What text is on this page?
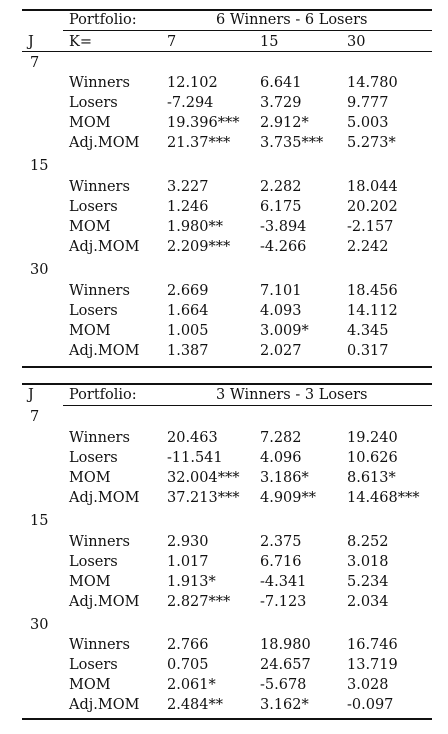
Portfolio:	6 Winners - 6 Losers
J K=	7	15	30
7
Winners	12.102	6.641	14.780
Losers	-7.294	3.729	9.777
MOM	19.396*** 2.912*	5.003
Adj.MOM 21.37*** 3.735*** 5.273*
15
Winners	3.227	2.282	18.044
Losers	1.246	6.175	20.202
MOM	1.980**	-3.894	-2.157
Adj.MOM 2.209*** -4.266	2.242
30
Winners	2.669	7.101	18.456
Losers	1.664	4.093	14.112
MOM	1.005	3.009*	4.345
Adj.MOM 1.387	2.027	0.317
J Portfolio:	3 Winners - 3 Losers
7
Winners	20.463	7.282	19.240
Losers	-11.541	4.096	10.626
MOM	32.004*** 3.186*	8.613*
Adj.MOM 37.213*** 4.909** 14.468***
15
Winners	2.930	2.375	8.252
Losers	1.017	6.716	3.018
MOM	1.913*	-4.341	5.234
Adj.MOM 2.827*** -7.123	2.034
30
Winners	2.766	18.980	16.746
Losers	0.705	24.657	13.719
MOM	2.061*	-5.678	3.028
Adj.MOM 2.484**	3.162*	-0.097
